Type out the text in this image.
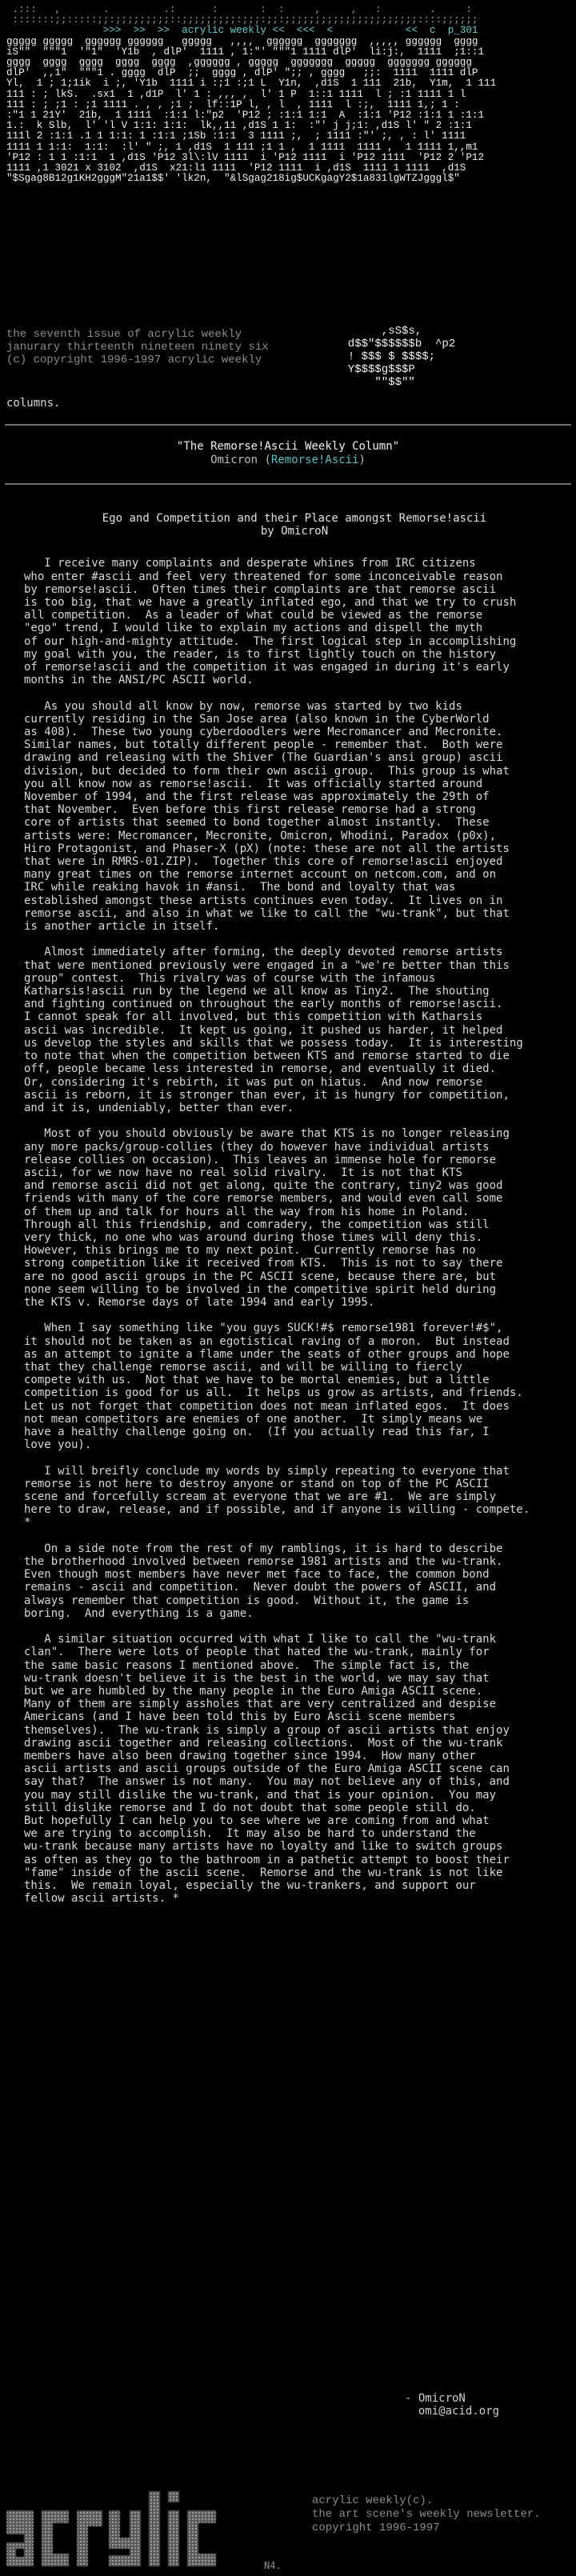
.:::   ,       .         .:      :       :  :     ,     ,   :        .     :
:::::::;;:::::;;:;;;;;;;;;::;;;;;;;;;:;;;:;;:;;;;;;;;;;;;;;;;;;;;;;::::;;;;;;
>>>  >>  >>  acrylic weekly <<  <<<  <            <<  c  p_301
ggggg ggggg  gggggg gggggg   ggggg   ,,,,  gggggg  ggggggg  ,,,,, gggggg  gggg
iS""  """1  '"1"  'Y1b  , dlP'  1111 , 1:"' """1 1111 dlP'  li:j:,  1111  ;1::1
gggg  gggg  gggg  gggg  gggg  ,gggggg , ggggg  ggggggg  ggggg  ggggggg gggggg
dlP'  ,,1"  """1 . gggg  dlP  ;;  gggg , dlP' ";; , gggg   ;;:  1111  1111 dlP
Yl,  1 ; 1;1ik  i ;, 'Y1b  1111 i :;1 :;1 L  Y1n,  ,d1S  1 111  21b,  Y1m,  1 111
111 : ; lkS.  .sx1  1 ,d1P  l' 1 : ,,, ,  l' 1 P  1::1 1111  l ; :1 1111 1 l
111 : ; ;1 : ;1 1111 . , , ;1 ;  lf::1P l, , l  , 1111  l :;,  1111 1,; 1 :
:"1 1 21Y'  21b,  1 1111  :1:1 l:"p2  'P12 ; :1:1 1:1  A  :1:1 'P12 :1:1 1 :1:1
1.:  k Slb,  l' 'l V 1:1: 1:1:  lk,,11 ,d1S 1 1:  :"' j j;1: ,d1S l' " 2 :1:1
111l 2 :1:1 .1 1 1:1: 1 :1:1 ;1Sb :1:1  3 1111 ;,  ; 1111 :"' ;, , : l' 1111
1111 1 1:1:  1:1:  :l' " ;, 1 ,d1S  1 111 ;1 1 ,  1 1111  1111 ,  1 1111 1,,m1
'P12 : 1 1 :1:1  1 ,d1S 'P12 3l\:lV 1111  i 'P12 1111  i 'P12 1111  'P12 2 'P12
1111 ,1 3021 x 3102  ,d1S  x21:l1 1111  'P12 1111  i ,d1S  1111 1 1111  ,d1S
"$Sgag8B12g1KH2gggM"21a1$$' 'lk2n,  "&lSgag218ig$UCKgagY2$1a831lgWTZJgggl$"
the seventh issue of acrylic weekly
janurary thirteenth nineteen ninety six
(c) copyright 1996-1997 acrylic weekly
,sS$s,
d$$"$$$$$$b  ^p2
! $$$ $ $$$$;
Y$$$$g$$$P
""$$""
columns.
"The Remorse!Ascii Weekly Column"
Omicron (Remorse!Ascii)
Ego and Competition and their Place amongst Remorse!ascii
by OmicroN
I receive many complaints and desperate whines from IRC citizens
who enter #ascii and feel very threatened for some inconceivable reason
by remorse!ascii.  Often times their complaints are that remorse ascii
is too big, that we have a greatly inflated ego, and that we try to crush
all competition.  As a leader of what could be viewed as the remorse
"ego" trend, I would like to explain my actions and dispell the myth
of our high-and-mighty attitude.  The first logical step in accomplishing
my goal with you, the reader, is to first lightly touch on the history
of remorse!ascii and the competition it was engaged in during it's early
months in the ANSI/PC ASCII world.
As you should all know by now, remorse was started by two kids
currently residing in the San Jose area (also known in the CyberWorld
as 408).  These two young cyberdoodlers were Mecromancer and Mecronite.
Similar names, but totally different people - remember that.  Both were
drawing and releasing with the Shiver (The Guardian's ansi group) ascii
division, but decided to form their own ascii group.  This group is what
you all know now as remorse!ascii.  It was officially started around
November of 1994, and the first release was approximately the 29th of
that November.  Even before this first release remorse had a strong
core of artists that seemed to bond together almost instantly.  These
artists were: Mecromancer, Mecronite, Omicron, Whodini, Paradox (p0x),
Hiro Protagonist, and Phaser-X (pX) (note: these are not all the artists
that were in RMRS-01.ZIP).  Together this core of remorse!ascii enjoyed
many great times on the remorse internet account on netcom.com, and on
IRC while reaking havok in #ansi.  The bond and loyalty that was
established amongst these artists continues even today.  It lives on in
remorse ascii, and also in what we like to call the "wu-trank", but that
is another article in itself.
Almost immediately after forming, the deeply devoted remorse artists
that were mentioned previously were engaged in a "we're better than this
group" contest.  This rivalry was of course with the infamous
Katharsis!ascii run by the legend we all know as Tiny2.  The shouting
and fighting continued on throughout the early months of remorse!ascii.
I cannot speak for all involved, but this competition with Katharsis
ascii was incredible.  It kept us going, it pushed us harder, it helped
us develop the styles and skills that we possess today.  It is interesting
to note that when the competition between KTS and remorse started to die
off, people became less interested in remorse, and eventually it died.
Or, considering it's rebirth, it was put on hiatus.  And now remorse
ascii is reborn, it is stronger than ever, it is hungry for competition,
and it is, undeniably, better than ever.
Most of you should obviously be aware that KTS is no longer releasing
any more packs/group-collies (they do however have individual artists
release collies on occasion).  This leaves an immense hole for remorse
ascii, for we now have no real solid rivalry.  It is not that KTS
and remorse ascii did not get along, quite the contrary, tiny2 was good
friends with many of the core remorse members, and would even call some
of them up and talk for hours all the way from his home in Poland.
Through all this friendship, and comradery, the competition was still
very thick, no one who was around during those times will deny this.
However, this brings me to my next point.  Currently remorse has no
strong competition like it received from KTS.  This is not to say there
are no good ascii groups in the PC ASCII scene, because there are, but
none seem willing to be involved in the competitive spirit held during
the KTS v. Remorse days of late 1994 and early 1995.
When I say something like "you guys SUCK!#$ remorse1981 forever!#$",
it should not be taken as an egotistical raving of a moron.  But instead
as an attempt to ignite a flame under the seats of other groups and hope
that they challenge remorse ascii, and will be willing to fiercly
compete with us.  Not that we have to be mortal enemies, but a little
competition is good for us all.  It helps us grow as artists, and friends.
Let us not forget that competition does not mean inflated egos.  It does
not mean competitors are enemies of one another.  It simply means we
have a healthy challenge going on.  (If you actually read this far, I
love you).
I will breifly conclude my words by simply repeating to everyone that
remorse is not here to destroy anyone or stand on top of the PC ASCII
scene and forcefully scream at everyone that we are #1.  We are simply
here to draw, release, and if possible, and if anyone is willing - compete.
*
On a side note from the rest of my ramblings, it is hard to describe
the brotherhood involved between remorse 1981 artists and the wu-trank.
Even though most members have never met face to face, the common bond
remains - ascii and competition.  Never doubt the powers of ASCII, and
always remember that competition is good.  Without it, the game is
boring.  And everything is a game.
A similar situation occurred with what I like to call the "wu-trank
clan".  There were lots of people that hated the wu-trank, mainly for
the same basic reasons I mentioned above.  The simple fact is, the
wu-trank doesn't believe it is the best in the world, we may say that
but we are humbled by the many people in the Euro Amiga ASCII scene.
Many of them are simply assholes that are very centralized and despise
Americans (and I have been told this by Euro Ascii scene members
themselves).  The wu-trank is simply a group of ascii artists that enjoy
drawing ascii together and releasing collections.  Most of the wu-trank
members have also been drawing together since 1994.  How many other
ascii artists and ascii groups outside of the Euro Amiga ASCII scene can
say that?  The answer is not many.  You may not believe any of this, and
you may still dislike the wu-trank, and that is your opinion.  You may
still dislike remorse and I do not doubt that some people still do.
But hopefully I can help you to see where we are coming from and what
we are trying to accomplish.  It may also be hard to understand the
wu-trank because many artists have no loyalty and like to switch groups
as often as they go to the bathroom in a pathetic attempt to boost their
"fame" inside of the ascii scene.  Remorse and the wu-trank is not like
this.  We remain loyal, especially the wu-trankers, and support our
fellow ascii artists. *
- OmicroN
omi@acid.org
N4.
acrylic weekly(c).
the art scene's weekly newsletter.
copyright 1996-1997
